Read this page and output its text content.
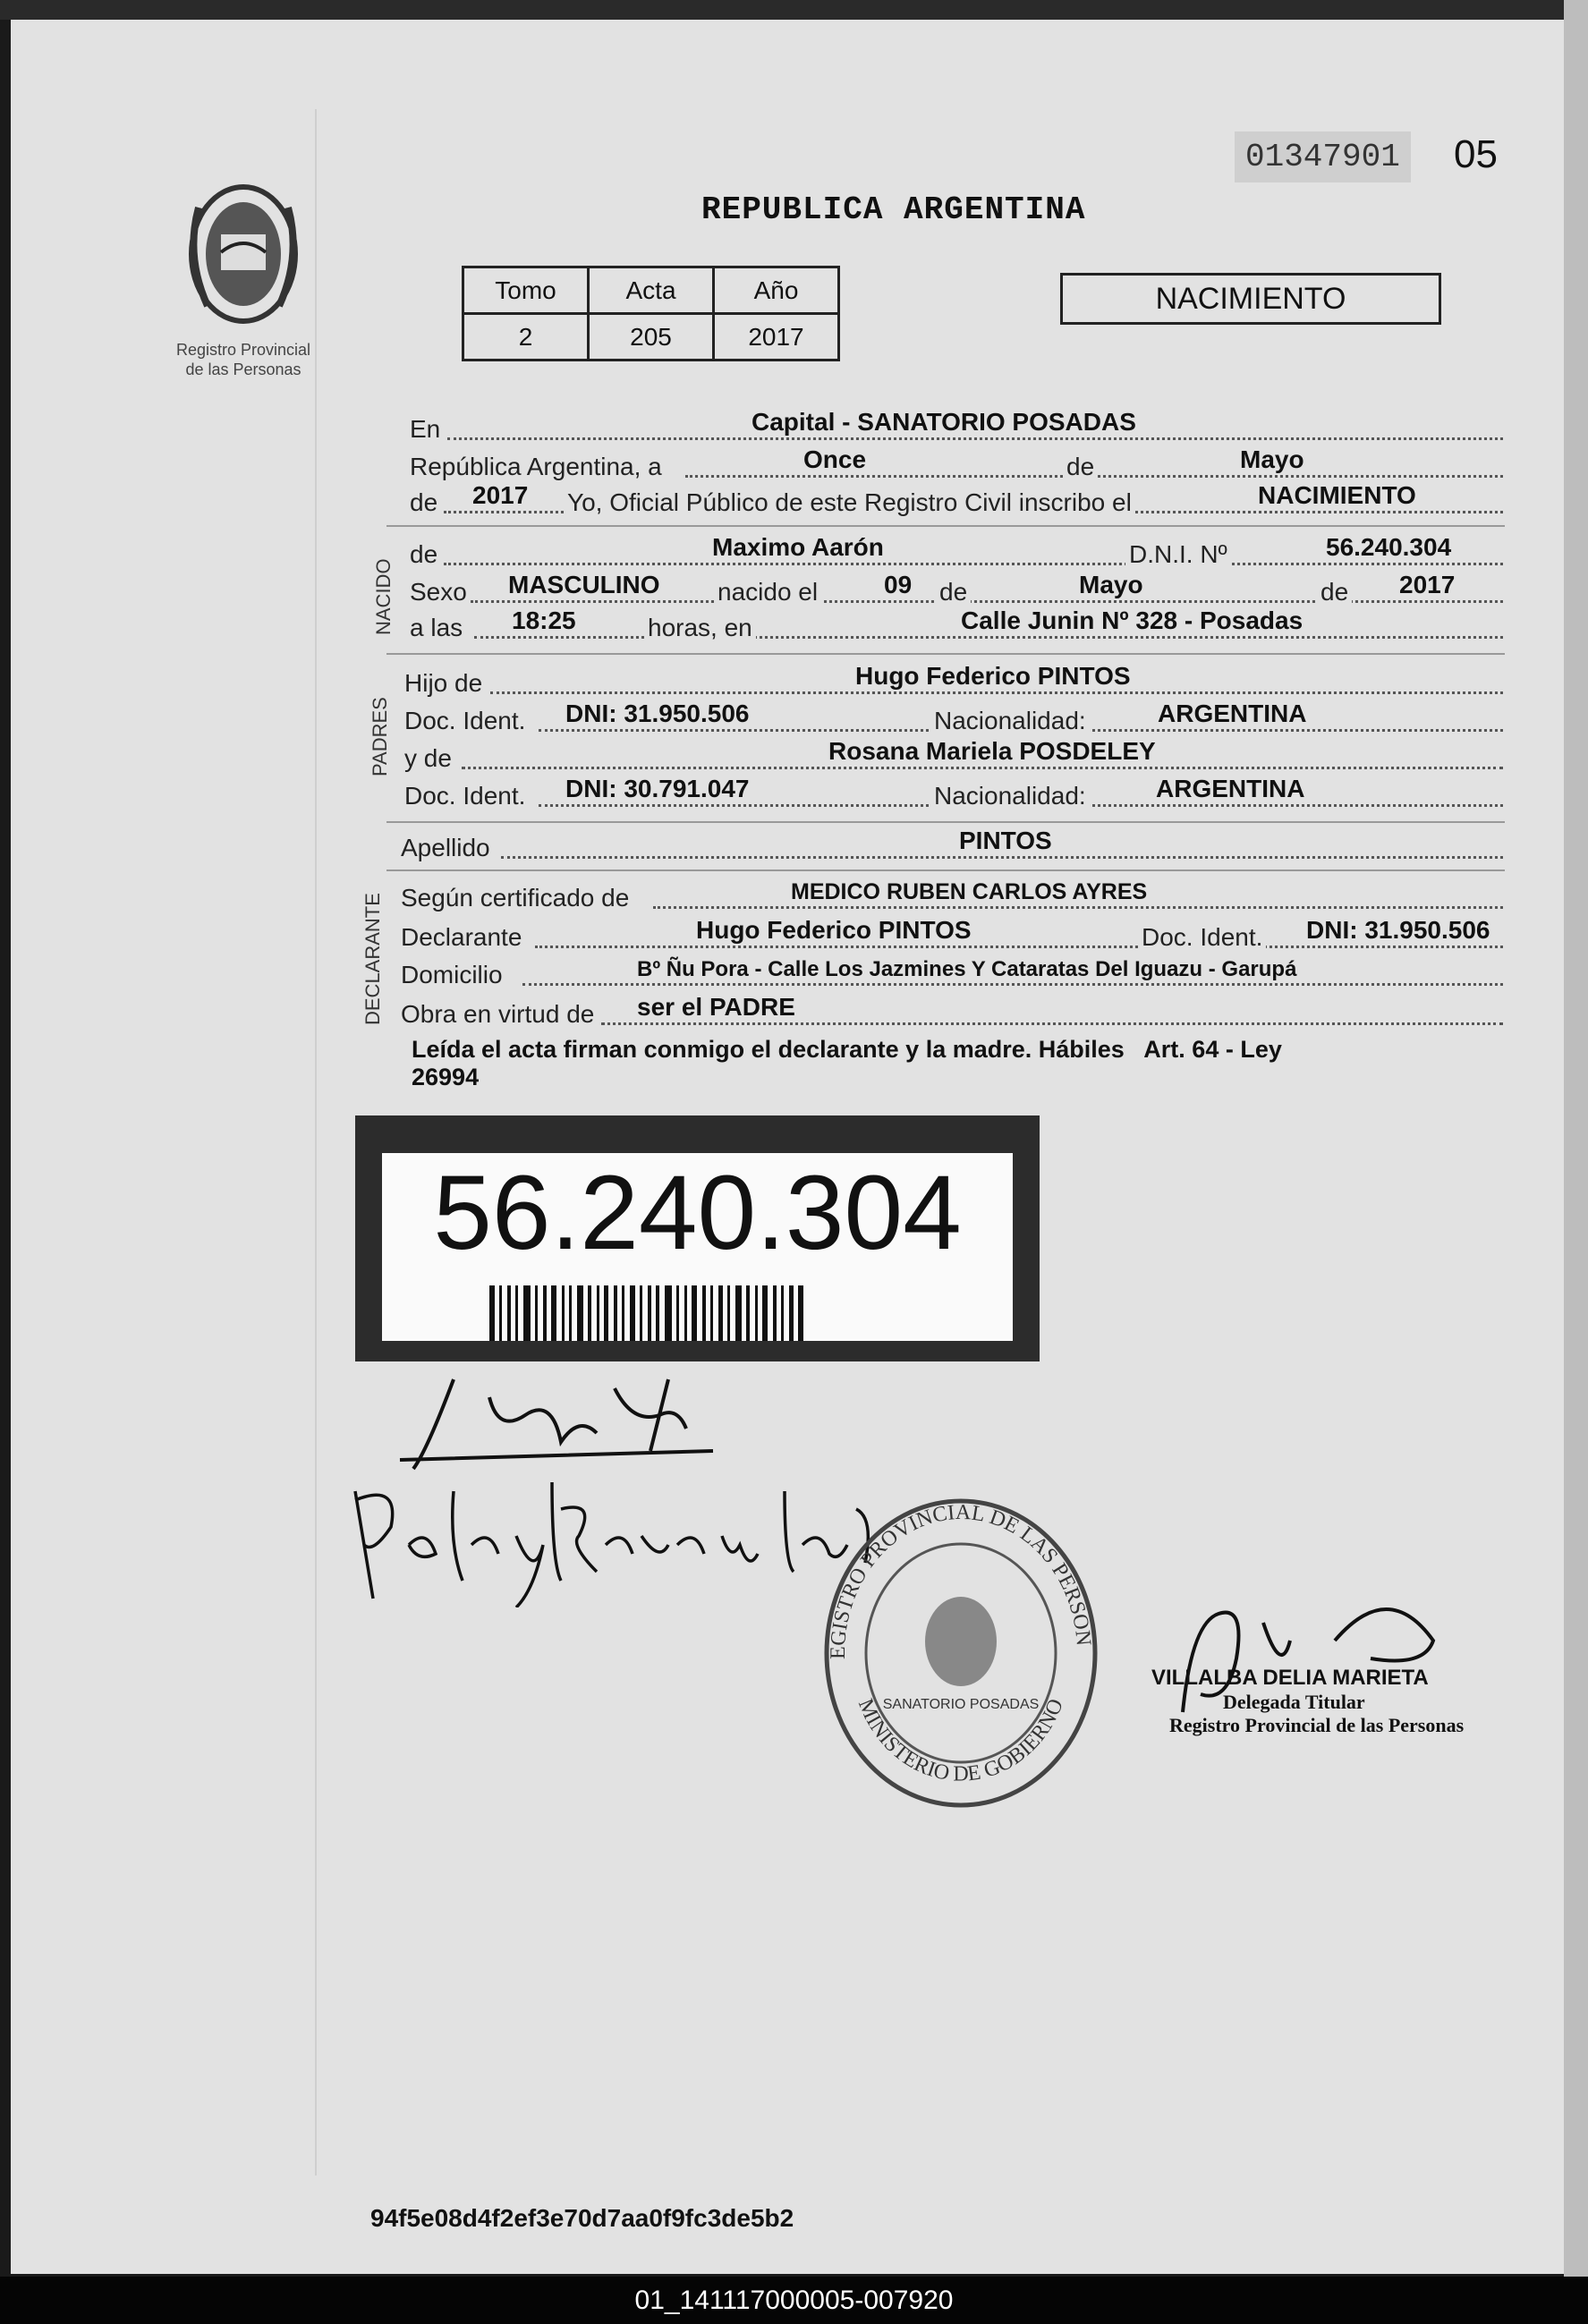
Registro Provincial
de las Personas
01347901 05
REPUBLICA ARGENTINA
Tomo	Acta	Año
2	205	2017
NACIMIENTO
En	Capital - SANATORIO POSADAS
República Argentina, a	de
Once	Mayo
de 2017 Yo, Oficial Público de este Registro Civil inscribo el	NACIMIENTO
de	Maximo Aarón	D.N.I. Nº	56.240.304
Sexo MASCULINO nacido el	09 de	Mayo	de 2017
a las 18:25	horas, en	Calle Junin Nº 328 - Posadas
Hijo de	Hugo Federico PINTOS
Doc. Ident. DNI: 31.950.506	Nacionalidad:	ARGENTINA
y de	Rosana Mariela POSDELEY
Doc. Ident. DNI: 30.791.047	Nacionalidad:	ARGENTINA
Apellido	PINTOS
Según certificado de	MEDICO RUBEN CARLOS AYRES
Declarante	Hugo Federico PINTOS	Doc. Ident. DNI: 31.950.506
Domicilio	Bº Ñu Pora - Calle Los Jazmines Y Cataratas Del Iguazu - Garupá
Obra en virtud de ser el PADRE
NACIDO
PADRES
DECLARANTE
Leída el acta firman conmigo el declarante y la madre. Hábiles   Art. 64 - Ley
26994
56.240.304
EGISTRO PROVINCIAL DE LAS PERSON
MINISTERIO DE GOBIERNO
SANATORIO POSADAS
VILLALBA DELIA MARIETA
Delegada Titular
Registro Provincial de las Personas
94f5e08d4f2ef3e70d7aa0f9fc3de5b2
01_141117000005-007920
